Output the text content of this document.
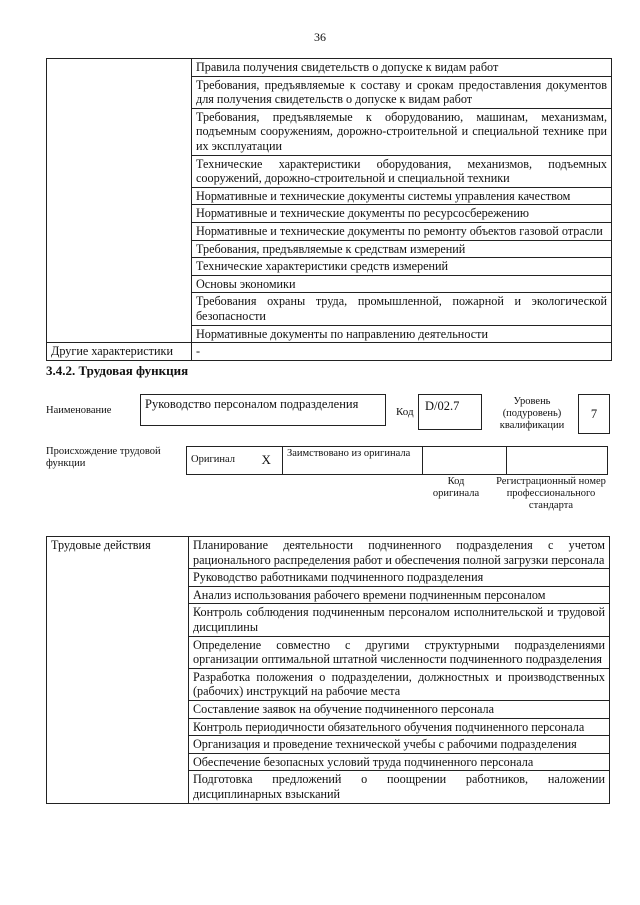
36
	Правила получения свидетельств о допуске к видам работ
	Требования, предъявляемые к составу и срокам предоставления документов для получения свидетельств о допуске к видам работ
	Требования, предъявляемые к оборудованию, машинам, механизмам, подъемным сооружениям, дорожно-строительной и специальной технике при их эксплуатации
	Технические характеристики оборудования, механизмов, подъемных сооружений, дорожно-строительной и специальной техники
	Нормативные и технические документы системы управления качеством
	Нормативные и технические документы по ресурсосбережению
	Нормативные и технические документы по ремонту объектов газовой отрасли
	Требования, предъявляемые к средствам измерений
	Технические характеристики средств измерений
	Основы экономики
	Требования охраны труда, промышленной, пожарной и экологической безопасности
	Нормативные документы по направлению деятельности
Другие характеристики	-
3.4.2. Трудовая функция
Наименование	Руководство персоналом подразделения
Код D/02.7	Уровень (подуровень) квалификации
7
Происхождение трудовой функции	Оригинал	X	Заимствовано из оригинала		
Код оригинала
Регистрационный номер профессионального стандарта
Трудовые действия	Планирование деятельности подчиненного подразделения с учетом рационального распределения работ и обеспечения полной загрузки персонала
Руководство работниками подчиненного подразделения
Анализ использования рабочего времени подчиненным персоналом
Контроль соблюдения подчиненным персоналом исполнительской и трудовой дисциплины
Определение совместно с другими структурными подразделениями организации оптимальной штатной численности подчиненного подразделения
Разработка положения о подразделении, должностных и производственных (рабочих) инструкций на рабочие места
Составление заявок на обучение подчиненного персонала
Контроль периодичности обязательного обучения подчиненного персонала
Организация и проведение технической учебы с рабочими подразделения
Обеспечение безопасных условий труда подчиненного персонала
Подготовка предложений о поощрении работников, наложении дисциплинарных взысканий
